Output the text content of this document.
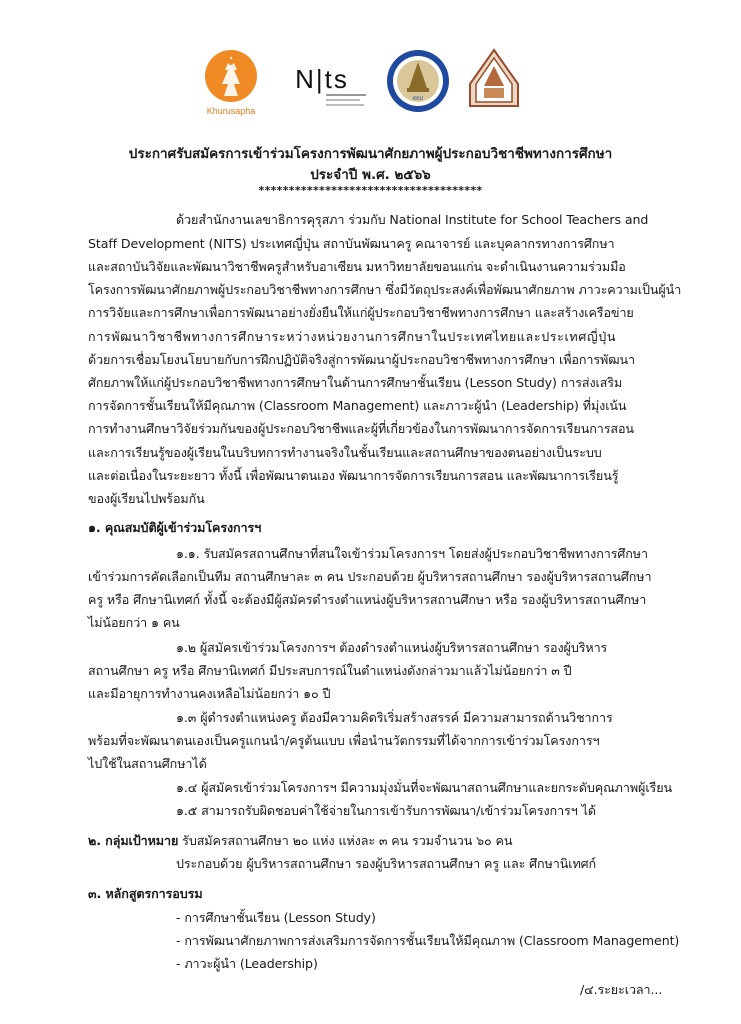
Khurusapha
N|ts
KKU
ประกาศรับสมัครการเข้าร่วมโครงการพัฒนาศักยภาพผู้ประกอบวิชาชีพทางการศึกษา
ประจำปี พ.ศ. ๒๕๖๖
*************************************
ด้วยสำนักงานเลขาธิการคุรุสภา ร่วมกับ National Institute for School Teachers and
Staff Development (NITS) ประเทศญี่ปุ่น สถาบันพัฒนาครู คณาจารย์ และบุคลากรทางการศึกษา
และสถาบันวิจัยและพัฒนาวิชาชีพครูสำหรับอาเซียน มหาวิทยาลัยขอนแก่น จะดำเนินงานความร่วมมือ
โครงการพัฒนาศักยภาพผู้ประกอบวิชาชีพทางการศึกษา ซึ่งมีวัตถุประสงค์เพื่อพัฒนาศักยภาพ ภาวะความเป็นผู้นำ
การวิจัยและการศึกษาเพื่อการพัฒนาอย่างยั่งยืนให้แก่ผู้ประกอบวิชาชีพทางการศึกษา และสร้างเครือข่าย
การพัฒนาวิชาชีพทางการศึกษาระหว่างหน่วยงานการศึกษาในประเทศไทยและประเทศญี่ปุ่น
ด้วยการเชื่อมโยงนโยบายกับการฝึกปฏิบัติจริงสู่การพัฒนาผู้ประกอบวิชาชีพทางการศึกษา เพื่อการพัฒนา
ศักยภาพให้แก่ผู้ประกอบวิชาชีพทางการศึกษาในด้านการศึกษาชั้นเรียน (Lesson Study) การส่งเสริม
การจัดการชั้นเรียนให้มีคุณภาพ (Classroom Management) และภาวะผู้นำ (Leadership) ที่มุ่งเน้น
การทำงานศึกษาวิจัยร่วมกันของผู้ประกอบวิชาชีพและผู้ที่เกี่ยวข้องในการพัฒนาการจัดการเรียนการสอน
และการเรียนรู้ของผู้เรียนในบริบทการทำงานจริงในชั้นเรียนและสถานศึกษาของตนอย่างเป็นระบบ
และต่อเนื่องในระยะยาว ทั้งนี้ เพื่อพัฒนาตนเอง พัฒนาการจัดการเรียนการสอน และพัฒนาการเรียนรู้
ของผู้เรียนไปพร้อมกัน
๑. คุณสมบัติผู้เข้าร่วมโครงการฯ
๑.๑. รับสมัครสถานศึกษาที่สนใจเข้าร่วมโครงการฯ โดยส่งผู้ประกอบวิชาชีพทางการศึกษา
เข้าร่วมการคัดเลือกเป็นทีม สถานศึกษาละ ๓ คน ประกอบด้วย ผู้บริหารสถานศึกษา รองผู้บริหารสถานศึกษา
ครู หรือ ศึกษานิเทศก์ ทั้งนี้ จะต้องมีผู้สมัครดำรงตำแหน่งผู้บริหารสถานศึกษา หรือ รองผู้บริหารสถานศึกษา
ไม่น้อยกว่า ๑ คน
๑.๒ ผู้สมัครเข้าร่วมโครงการฯ ต้องดำรงตำแหน่งผู้บริหารสถานศึกษา รองผู้บริหาร
สถานศึกษา ครู หรือ ศึกษานิเทศก์ มีประสบการณ์ในตำแหน่งดังกล่าวมาแล้วไม่น้อยกว่า ๓ ปี
และมีอายุการทำงานคงเหลือไม่น้อยกว่า ๑๐ ปี
๑.๓ ผู้ดำรงตำแหน่งครู ต้องมีความคิดริเริ่มสร้างสรรค์ มีความสามารถด้านวิชาการ
พร้อมที่จะพัฒนาตนเองเป็นครูแกนนำ/ครูต้นแบบ เพื่อนำนวัตกรรมที่ได้จากการเข้าร่วมโครงการฯ
ไปใช้ในสถานศึกษาได้
๑.๔ ผู้สมัครเข้าร่วมโครงการฯ มีความมุ่งมั่นที่จะพัฒนาสถานศึกษาและยกระดับคุณภาพผู้เรียน
๑.๕ สามารถรับผิดชอบค่าใช้จ่ายในการเข้ารับการพัฒนา/เข้าร่วมโครงการฯ ได้
๒. กลุ่มเป้าหมาย รับสมัครสถานศึกษา ๒๐ แห่ง แห่งละ ๓ คน รวมจำนวน ๖๐ คน
ประกอบด้วย ผู้บริหารสถานศึกษา รองผู้บริหารสถานศึกษา ครู และ ศึกษานิเทศก์
๓. หลักสูตรการอบรม
- การศึกษาชั้นเรียน (Lesson Study)
- การพัฒนาศักยภาพการส่งเสริมการจัดการชั้นเรียนให้มีคุณภาพ (Classroom Management)
- ภาวะผู้นำ (Leadership)
/๔.ระยะเวลา...
